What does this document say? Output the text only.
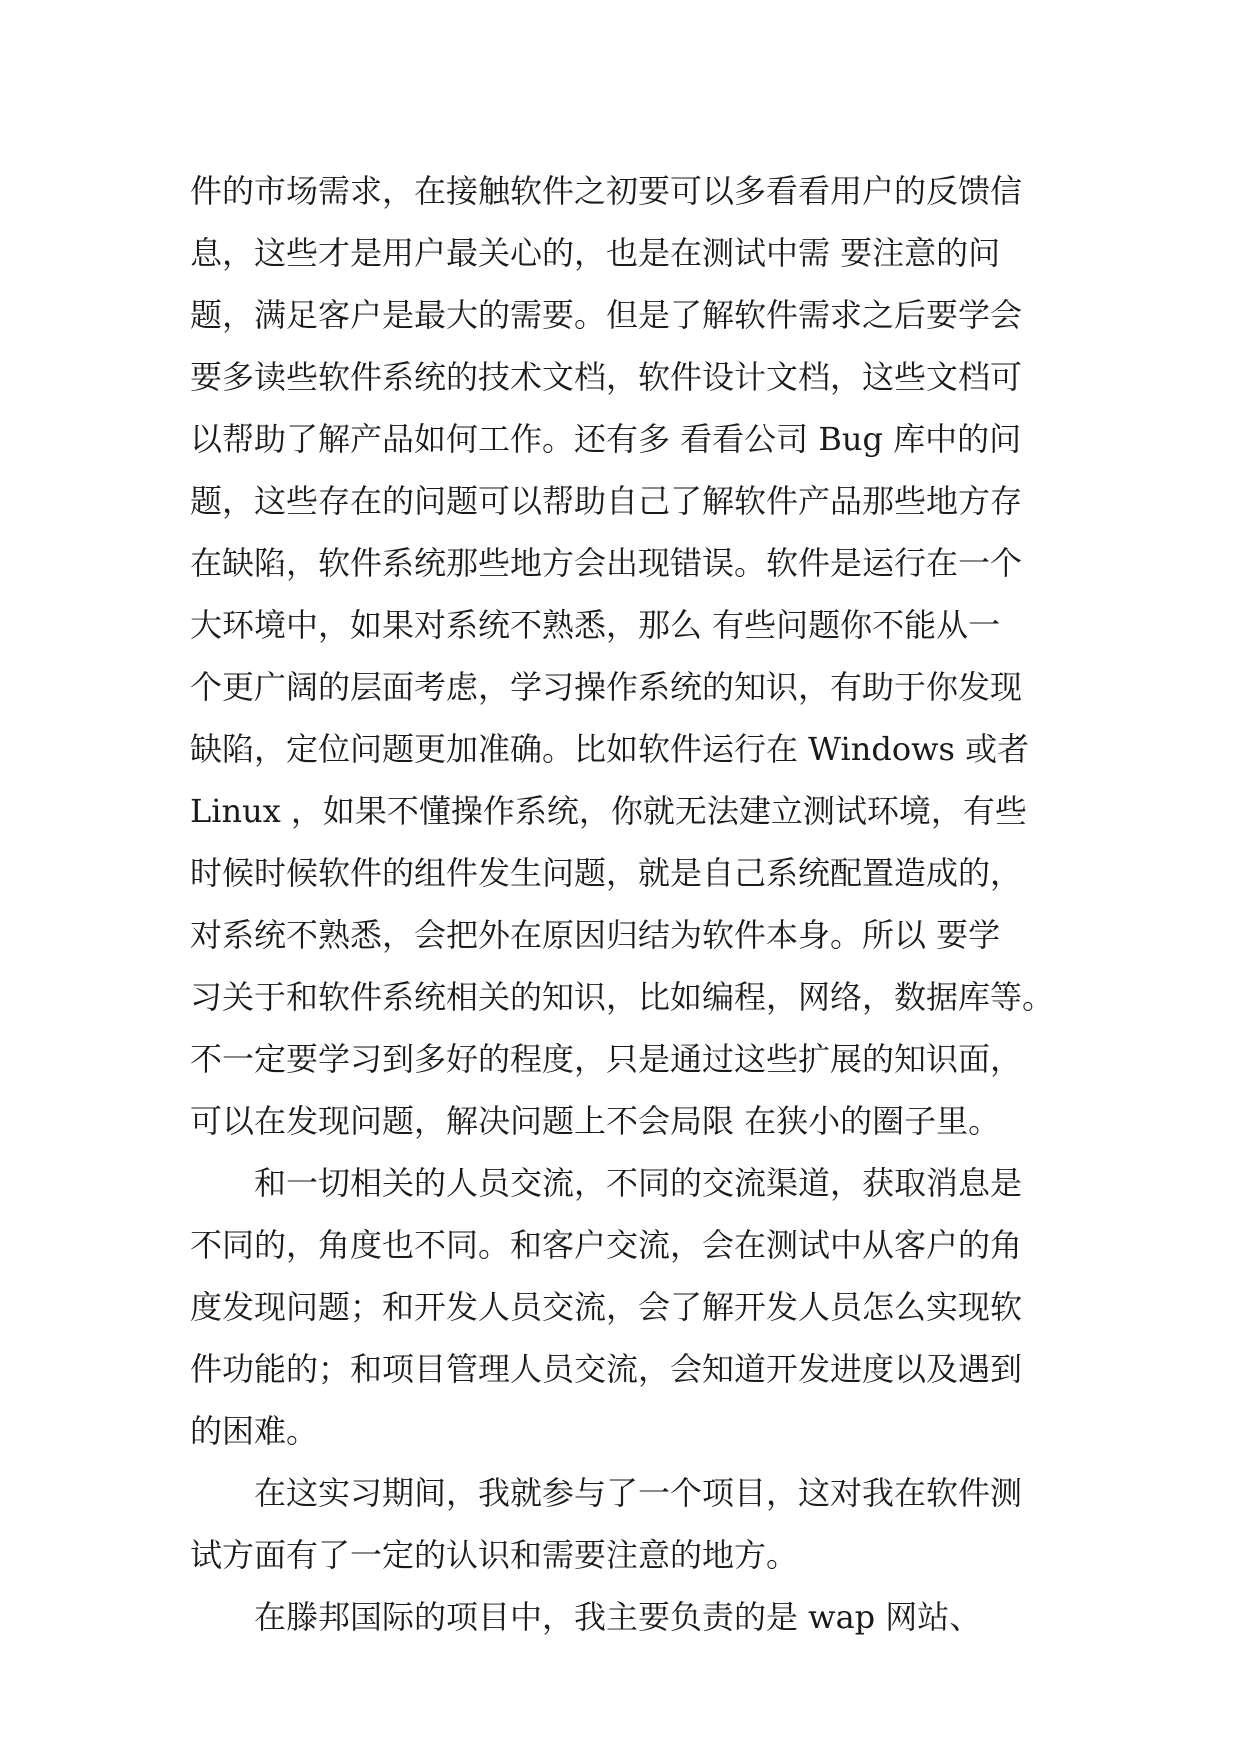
件的市场需求，在接触软件之初要可以多看看用户的反馈信
息，这些才是用户最关心的，也是在测试中需 要注意的问
题，满足客户是最大的需要。但是了解软件需求之后要学会
要多读些软件系统的技术文档，软件设计文档，这些文档可
以帮助了解产品如何工作。还有多 看看公司 Bug 库中的问
题，这些存在的问题可以帮助自己了解软件产品那些地方存
在缺陷，软件系统那些地方会出现错误。软件是运行在一个
大环境中，如果对系统不熟悉，那么 有些问题你不能从一
个更广阔的层面考虑，学习操作系统的知识，有助于你发现
缺陷，定位问题更加准确。比如软件运行在 Windows 或者
Linux ，如果不懂操作系统，你就无法建立测试环境，有些
时候时候软件的组件发生问题，就是自己系统配置造成的，
对系统不熟悉，会把外在原因归结为软件本身。所以 要学
习关于和软件系统相关的知识，比如编程，网络，数据库等。
不一定要学习到多好的程度，只是通过这些扩展的知识面，
可以在发现问题，解决问题上不会局限 在狭小的圈子里。
　　和一切相关的人员交流，不同的交流渠道，获取消息是
不同的，角度也不同。和客户交流，会在测试中从客户的角
度发现问题；和开发人员交流，会了解开发人员怎么实现软
件功能的；和项目管理人员交流，会知道开发进度以及遇到
的困难。
　　在这实习期间，我就参与了一个项目，这对我在软件测
试方面有了一定的认识和需要注意的地方。
　　在滕邦国际的项目中，我主要负责的是 wap 网站、
